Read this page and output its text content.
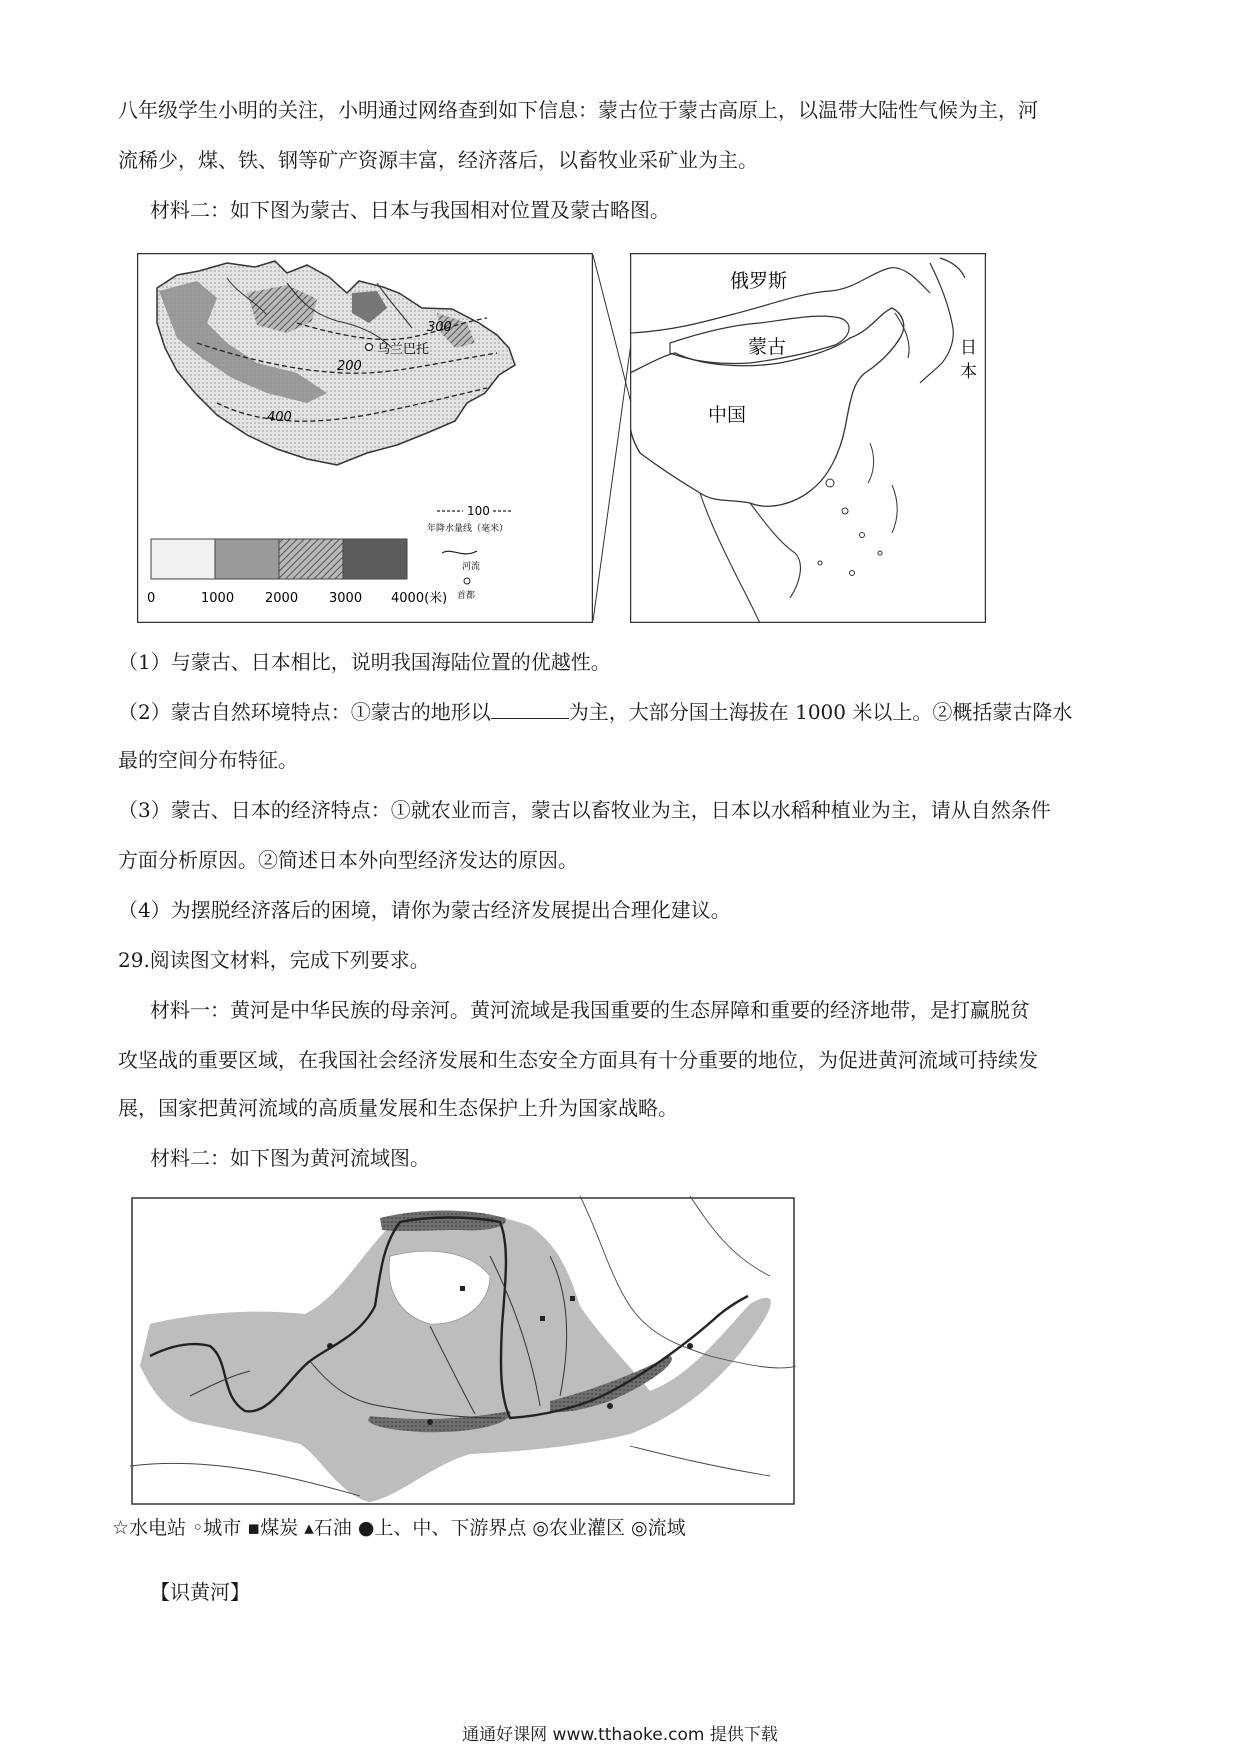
八年级学生小明的关注，小明通过网络查到如下信息：蒙古位于蒙古高原上，以温带大陆性气候为主，河
流稀少，煤、铁、钢等矿产资源丰富，经济落后，以畜牧业采矿业为主。
材料二：如下图为蒙古、日本与我国相对位置及蒙古略图。
300
200
400
乌兰巴托
100
年降水量线（毫米）
河流
首都
0	1000 2000 3000 4000(米)
俄罗斯
蒙古
中国
日
本
（1）与蒙古、日本相比，说明我国海陆位置的优越性。
（2）蒙古自然环境特点：①蒙古的地形以	为主，大部分国土海拔在 1000 米以上。②概括蒙古降水
最的空间分布特征。
（3）蒙古、日本的经济特点：①就农业而言，蒙古以畜牧业为主，日本以水稻种植业为主，请从自然条件
方面分析原因。②简述日本外向型经济发达的原因。
（4）为摆脱经济落后的困境，请你为蒙古经济发展提出合理化建议。
29.阅读图文材料，完成下列要求。
材料一：黄河是中华民族的母亲河。黄河流域是我国重要的生态屏障和重要的经济地带，是打赢脱贫
攻坚战的重要区域，在我国社会经济发展和生态安全方面具有十分重要的地位，为促进黄河流域可持续发
展，国家把黄河流域的高质量发展和生态保护上升为国家战略。
材料二：如下图为黄河流域图。
☆水电站 ◦城市 ▪煤炭 ▴石油 ●上、中、下游界点 ◎农业灌区 ◎流域
【识黄河】
通通好课网 www.tthaoke.com 提供下载
